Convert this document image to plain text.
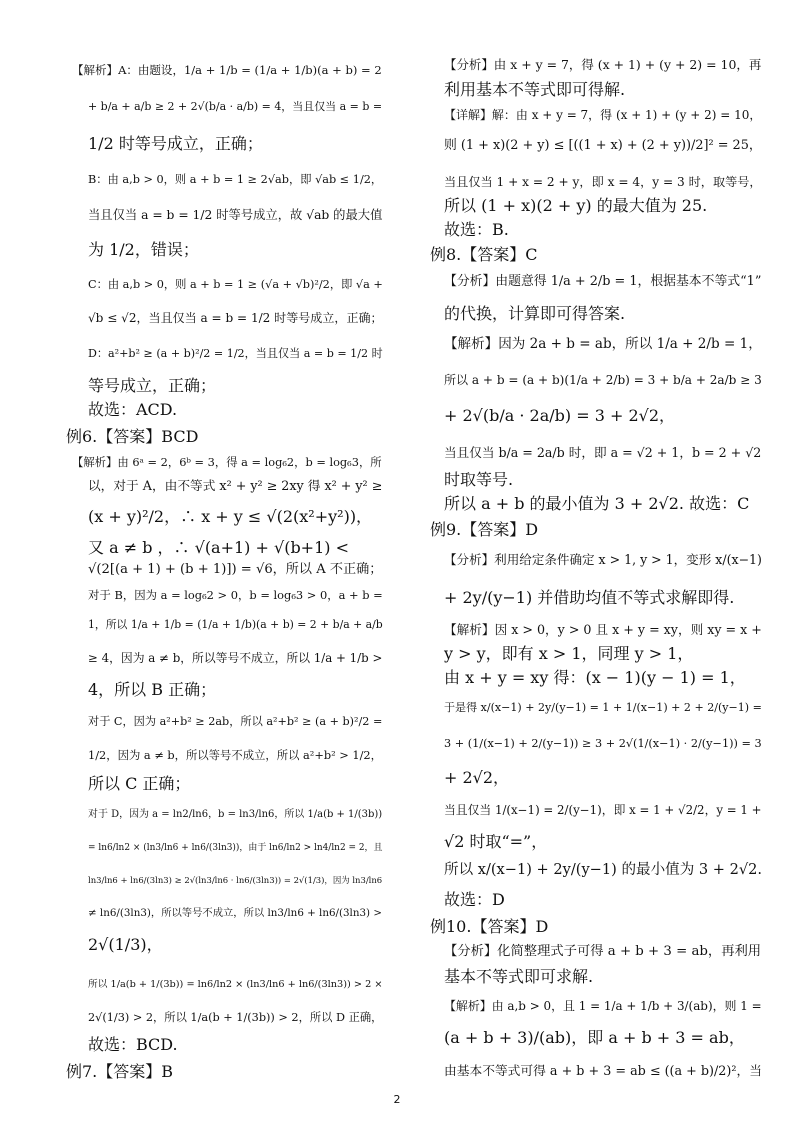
【解析】A：由题设，1/a + 1/b = (1/a + 1/b)(a + b) = 2
+ b/a + a/b ≥ 2 + 2√(b/a · a/b) = 4，当且仅当 a = b =
1/2 时等号成立，正确；
B：由 a,b > 0，则 a + b = 1 ≥ 2√ab，即 √ab ≤ 1/2，
当且仅当 a = b = 1/2 时等号成立，故 √ab 的最大值
为 1/2，错误；
C：由 a,b > 0，则 a + b = 1 ≥ (√a + √b)²/2，即 √a +
√b ≤ √2，当且仅当 a = b = 1/2 时等号成立，正确；
D：a²+b² ≥ (a + b)²/2 = 1/2，当且仅当 a = b = 1/2 时
等号成立，正确；
故选：ACD.
例6.【答案】BCD
【解析】由 6ᵃ = 2，6ᵇ = 3，得 a = log₆2，b = log₆3，所
以，对于 A，由不等式 x² + y² ≥ 2xy 得 x² + y² ≥
(x + y)²/2，∴ x + y ≤ √(2(x²+y²))，
又 a ≠ b ，∴ √(a+1) + √(b+1) <
√(2[(a + 1) + (b + 1)]) = √6，所以 A 不正确；
对于 B，因为 a = log₆2 > 0，b = log₆3 > 0，a + b =
1，所以 1/a + 1/b = (1/a + 1/b)(a + b) = 2 + b/a + a/b
≥ 4，因为 a ≠ b，所以等号不成立，所以 1/a + 1/b >
4，所以 B 正确；
对于 C，因为 a²+b² ≥ 2ab，所以 a²+b² ≥ (a + b)²/2 =
1/2，因为 a ≠ b，所以等号不成立，所以 a²+b² > 1/2，
所以 C 正确；
对于 D，因为 a = ln2/ln6，b = ln3/ln6，所以 1/a(b + 1/(3b))
= ln6/ln2 × (ln3/ln6 + ln6/(3ln3))，由于 ln6/ln2 > ln4/ln2 = 2，且
ln3/ln6 + ln6/(3ln3) ≥ 2√(ln3/ln6 · ln6/(3ln3)) = 2√(1/3)，因为 ln3/ln6
≠ ln6/(3ln3)，所以等号不成立，所以 ln3/ln6 + ln6/(3ln3) >
2√(1/3)，
所以 1/a(b + 1/(3b)) = ln6/ln2 × (ln3/ln6 + ln6/(3ln3)) > 2 ×
2√(1/3) > 2，所以 1/a(b + 1/(3b)) > 2，所以 D 正确，
故选：BCD.
例7.【答案】B
【分析】由 x + y = 7，得 (x + 1) + (y + 2) = 10，再
利用基本不等式即可得解.
【详解】解：由 x + y = 7，得 (x + 1) + (y + 2) = 10，
则 (1 + x)(2 + y) ≤ [((1 + x) + (2 + y))/2]² = 25，
当且仅当 1 + x = 2 + y，即 x = 4，y = 3 时，取等号，
所以 (1 + x)(2 + y) 的最大值为 25.
故选：B.
例8.【答案】C
【分析】由题意得 1/a + 2/b = 1，根据基本不等式“1”
的代换，计算即可得答案.
【解析】因为 2a + b = ab，所以 1/a + 2/b = 1，
所以 a + b = (a + b)(1/a + 2/b) = 3 + b/a + 2a/b ≥ 3
+ 2√(b/a · 2a/b) = 3 + 2√2，
当且仅当 b/a = 2a/b 时，即 a = √2 + 1，b = 2 + √2
时取等号.
所以 a + b 的最小值为 3 + 2√2. 故选：C
例9.【答案】D
【分析】利用给定条件确定 x > 1, y > 1，变形 x/(x−1)
+ 2y/(y−1) 并借助均值不等式求解即得.
【解析】因 x > 0，y > 0 且 x + y = xy，则 xy = x +
y > y，即有 x > 1，同理 y > 1，
由 x + y = xy 得：(x − 1)(y − 1) = 1，
于是得 x/(x−1) + 2y/(y−1) = 1 + 1/(x−1) + 2 + 2/(y−1) =
3 + (1/(x−1) + 2/(y−1)) ≥ 3 + 2√(1/(x−1) · 2/(y−1)) = 3
+ 2√2，
当且仅当 1/(x−1) = 2/(y−1)，即 x = 1 + √2/2，y = 1 +
√2 时取“=”，
所以 x/(x−1) + 2y/(y−1) 的最小值为 3 + 2√2.
故选：D
例10.【答案】D
【分析】化简整理式子可得 a + b + 3 = ab，再利用
基本不等式即可求解.
【解析】由 a,b > 0，且 1 = 1/a + 1/b + 3/(ab)，则 1 =
(a + b + 3)/(ab)，即 a + b + 3 = ab，
由基本不等式可得 a + b + 3 = ab ≤ ((a + b)/2)²，当
2
